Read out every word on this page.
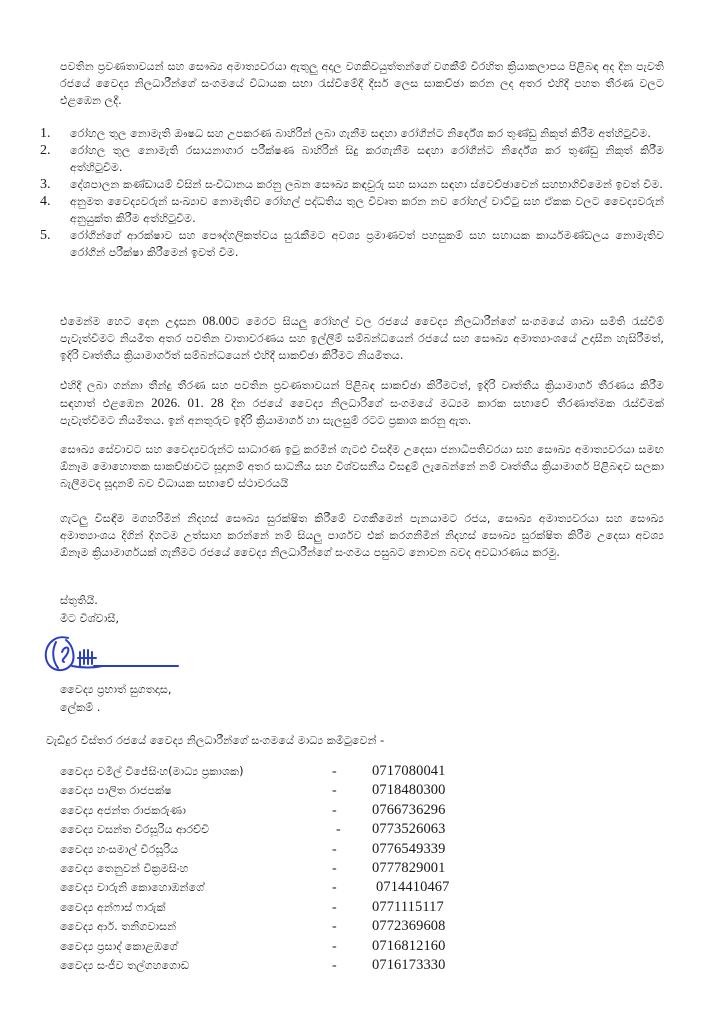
පවතින ප්‍රවණතාවයන් සහ සෞඛ්‍ය අමාත්‍යවරයා ඇතුලු අදාල වගකිවයුත්තන්ගේ වගකීම් විරහිත ක්‍රියාකලාපය පිළිබඳ අද දින පැවති රජයේ වෛද්‍ය නිලධාරීන්ගේ සංගමයේ විධායක සභා රැස්වීමේදී දීර්ඝ ලෙස සාකච්ඡා කරන ලද අතර එහිදී පහත තීරණ වලට එළඹෙන ලදී.

1.	රෝහල තුල නොමැති ඖෂධ සහ උපකරණ බාහිරින් ලබා ගැනීම සඳහා රෝගීන්ට නිර්දේශ කර තුණ්ඩු නිකුත් කිරීම අත්හිටුවීම.
2.	රෝහල තුල නොමැති රසායනාගාර පරීක්ෂණ බාහිරින් සිදු කරගැනීම සඳහා රෝගීන්ට නිර්දේශ කර තුණ්ඩු නිකුත් කිරීම අත්හිටුවීම.
3.	දේශපාලන කණ්ඩායම් විසින් සංවිධානය කරනු ලබන සෞඛ්‍ය කඳවුරු සහ සායන සඳහා ස්වෙච්ඡාවෙන් සහභාගිවීමෙන් ඉවත් වීම.
4.	අනුමත වෛද්‍යවරුන් සංඛ්‍යාව නොමැතිව රෝහල් පද්ධතිය තුල විවෘත කරන නව රෝහල් වාට්ටු සහ ඒකක වලට වෛද්‍යවරුන් අනුයුක්ත කිරීම අත්හිටුවීම.
5.	රෝගීන්ගේ ආරක්ෂාව සහ පෞද්ගලිකත්වය සුරැකීමට අවශ්‍ය ප්‍රමාණවත් පහසුකම් සහ සහායක කාර්යමණ්ඩලය නොමැතිව රෝගීන් පරීක්ෂා කිරීමෙන් ඉවත් වීම.

එමෙන්ම හෙට දෙන උදෑසන 08.00ට මෙරට සියලු රෝහල් වල රජයේ වෛද්‍ය නිලධාරීන්ගේ සංගමයේ ශාඛා සමිති රැස්වීම් පැවැත්වීමට නියමිත අතර පවතින වාතාවරණය සහ ඉල්ලීම් සම්බන්ධයෙන් රජයේ සහ සෞඛ්‍ය අමාත්‍යාංශයේ උදාසීන හැසිරීමත්, ඉදිරි වෘත්තීය ක්‍රියාමාර්ගත් සම්බන්ධයෙන් එහිදී සාකච්ඡා කිරීමට නියමිතය.

එහිදී ලබා ගන්නා තීන්දු තීරණ සහ පවතින ප්‍රවණතාවයන් පිළිබඳ සාකච්ඡා කිරීමටත්, ඉදිරි වෘත්තීය ක්‍රියාමාර්ග තීරණය කිරීම සඳහාත් එළඹෙන 2026. 01. 28 දින රජයේ වෛද්‍ය නිලධාරිගේ සංගමයේ මධ්‍යම කාරක සභාවේ තීරණාත්මක රැස්වීමක් පැවැත්වීමට නියමිතය. ඉන් අනතුරුව ඉදිරි ක්‍රියාමාර්ග හා සැලසුම් රටට ප්‍රකාශ කරනු ඇත.

සෞඛ්‍ය සේවාවට සහ වෛද්‍යවරුන්ට සාධාරණ ඉටු කරමින් ගැටළු විසදීම උදෙසා ජනාධිපතිවරයා සහ සෞඛ්‍ය අමාත්‍යවරයා සමඟ ඕනෑම මොහොතක සාකච්ඡාවට සූදානම් අතර සාධනීය සහ විශ්වසනීය විසඳුම් ලැබෙන්නේ නම් වෘත්තීය ක්‍රියාමාර්ග පිළිබඳව සලකා බැලීමටද සූදානම් බව විධායක සභාවේ ස්ථාවරයයි

ගැටලු විසඳීම මගහරිමින් නිදහස් සෞඛ්‍ය සුරක්ෂිත කිරීමේ වගකීමෙන් පැනයාමට රජය, සෞඛ්‍ය අමාත්‍යවරයා සහ සෞඛ්‍ය අමාත්‍යාංශය දිගින් දිගටම උත්සාහ කරන්නේ නම් සියලු පාර්ශව එක් කරගනිමින් නිදහස් සෞඛ්‍ය සුරක්ෂිත කිරීම උදෙසා අවශ්‍ය ඕනෑම ක්‍රියාමාර්ගයක් ගැනීමට රජයේ වෛද්‍ය නිලධාරීන්ගේ සංගමය පසුබට නොවන බවද අවධාරණය කරමු.

ස්තුතියි.
මීට විශ්වාසී,
වෛද්‍ය ප්‍රභාත් සුගතදාස,
ලේකම් .
වැඩිදුර විස්තර රජයේ වෛද්‍ය නිලධාරීන්ගේ සංගමයේ මාධ්‍ය කමිටුවෙන් -
වෛද්‍ය චමිල් විජේසිංහ(මාධ්‍ය ප්‍රකාශක)	- 0717080041
වෛද්‍ය පාලිත රාජපක්ෂ	- 0718480300
වෛද්‍ය අජන්ත රාජකරුණා	- 0766736296
වෛද්‍ය වසන්ත වීරසූරිය ආරච්චි	- 0773526063
වෛද්‍ය හංසමාල් වීරසූරිය	- 0776549339
වෛද්‍ය තෙනුවන් වික්‍රමසිංහ	- 0777829001
වෛද්‍ය චාරුනි කොහොඹන්ගේ	-	0714410467
වෛද්‍ය අන්ෆාස් ෆාරුක්	- 0771115117
වෛද්‍ය ආර්. තනිගවාසන්	- 0772369608
වෛද්‍ය ප්‍රසාද් කොළඹගේ	- 0716812160
වෛද්‍ය සංජීව තල්ගහගොඩ	- 0716173330
